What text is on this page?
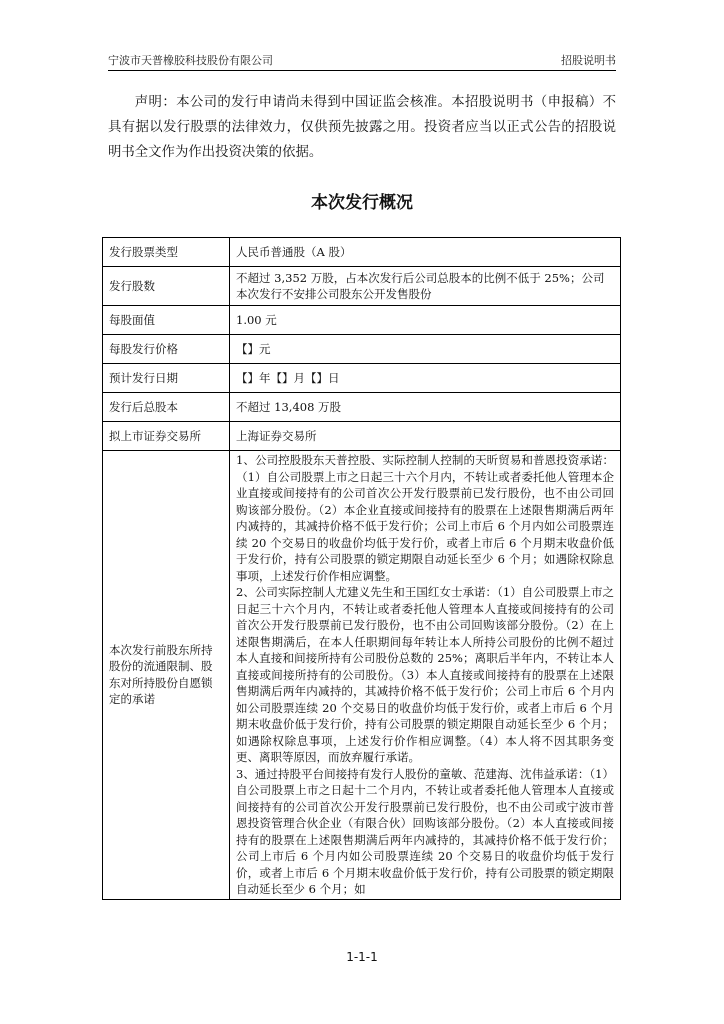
宁波市天普橡胶科技股份有限公司	招股说明书
声明：本公司的发行申请尚未得到中国证监会核准。本招股说明书（申报稿）不具有据以发行股票的法律效力，仅供预先披露之用。投资者应当以正式公告的招股说明书全文作为作出投资决策的依据。
本次发行概况
发行股票类型	人民币普通股（A 股）
发行股数	不超过 3,352 万股，占本次发行后公司总股本的比例不低于 25%；公司本次发行不安排公司股东公开发售股份
每股面值	1.00 元
每股发行价格	【】元
预计发行日期	【】年【】月【】日
发行后总股本	不超过 13,408 万股
拟上市证券交易所	上海证券交易所
本次发行前股东所持股份的流通限制、股东对所持股份自愿锁定的承诺	1、公司控股股东天普控股、实际控制人控制的天昕贸易和普恩投资承诺：（1）自公司股票上市之日起三十六个月内，不转让或者委托他人管理本企业直接或间接持有的公司首次公开发行股票前已发行股份，也不由公司回购该部分股份。（2）本企业直接或间接持有的股票在上述限售期满后两年内减持的，其减持价格不低于发行价；公司上市后 6 个月内如公司股票连续 20 个交易日的收盘价均低于发行价，或者上市后 6 个月期末收盘价低于发行价，持有公司股票的锁定期限自动延长至少 6 个月；如遇除权除息事项，上述发行价作相应调整。

2、公司实际控制人尤建义先生和王国红女士承诺：（1）自公司股票上市之日起三十六个月内，不转让或者委托他人管理本人直接或间接持有的公司首次公开发行股票前已发行股份，也不由公司回购该部分股份。（2）在上述限售期满后，在本人任职期间每年转让本人所持公司股份的比例不超过本人直接和间接所持有公司股份总数的 25%；离职后半年内，不转让本人直接或间接所持有的公司股份。（3）本人直接或间接持有的股票在上述限售期满后两年内减持的，其减持价格不低于发行价；公司上市后 6 个月内如公司股票连续 20 个交易日的收盘价均低于发行价，或者上市后 6 个月期末收盘价低于发行价，持有公司股票的锁定期限自动延长至少 6 个月；如遇除权除息事项，上述发行价作相应调整。（4）本人将不因其职务变更、离职等原因，而放弃履行承诺。

3、通过持股平台间接持有发行人股份的童敏、范建海、沈伟益承诺：（1）自公司股票上市之日起十二个月内，不转让或者委托他人管理本人直接或间接持有的公司首次公开发行股票前已发行股份，也不由公司或宁波市普恩投资管理合伙企业（有限合伙）回购该部分股份。（2）本人直接或间接持有的股票在上述限售期满后两年内减持的，其减持价格不低于发行价；公司上市后 6 个月内如公司股票连续 20 个交易日的收盘价均低于发行价，或者上市后 6 个月期末收盘价低于发行价，持有公司股票的锁定期限自动延长至少 6 个月；如

1-1-1
